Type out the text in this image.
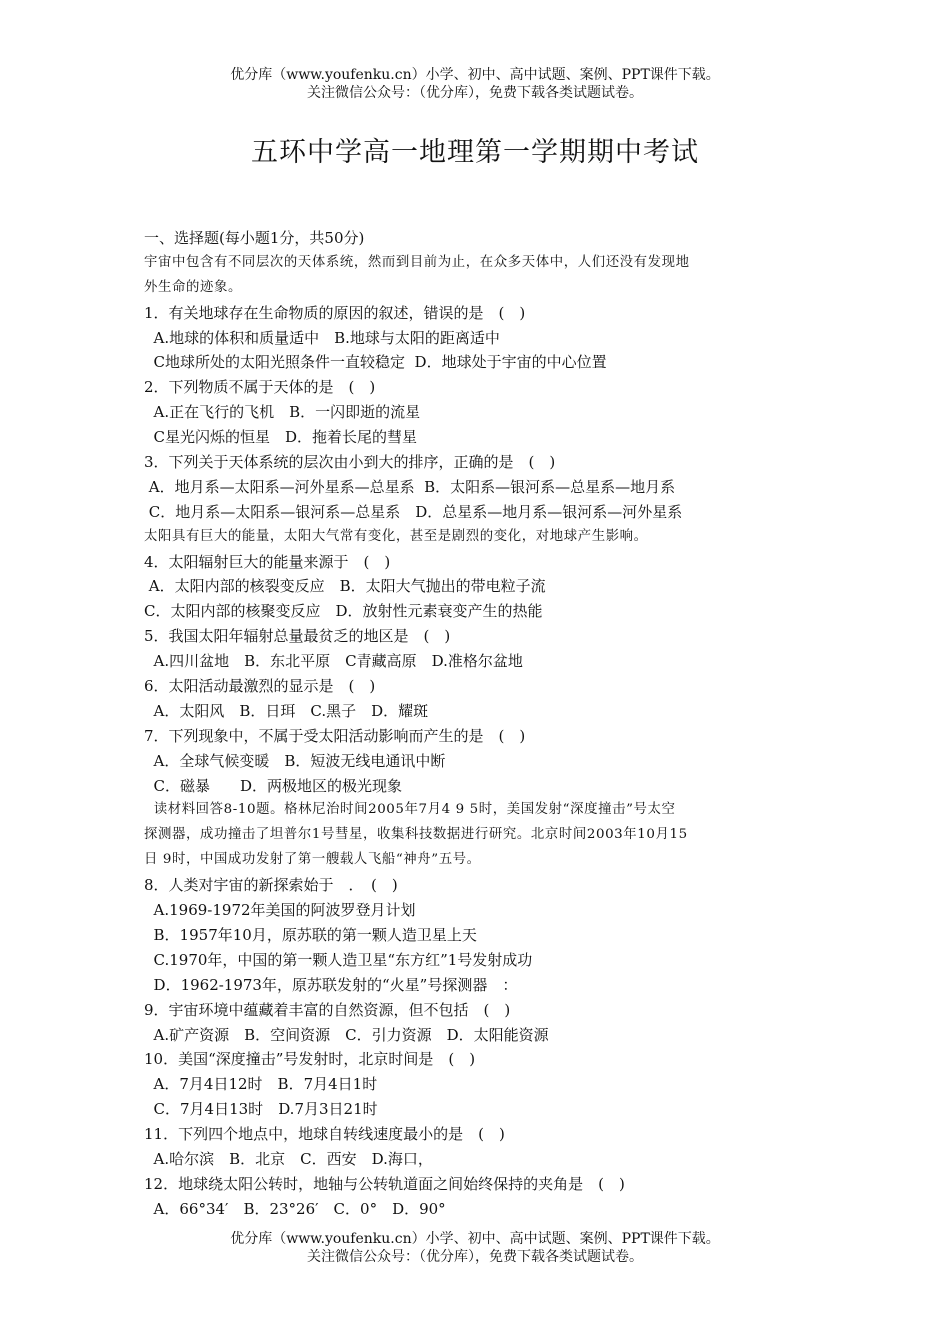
优分库（www.youfenku.cn）小学、初中、高中试题、案例、PPT课件下载。
关注微信公众号：（优分库），免费下载各类试题试卷。
五环中学高一地理第一学期期中考试
一、选择题(每小题1分，共50分)
宇宙中包含有不同层次的天体系统，然而到目前为止，在众多天体中，人们还没有发现地
外生命的迹象。
1．有关地球存在生命物质的原因的叙述，错误的是　(　)
A.地球的体积和质量适中　B.地球与太阳的距离适中
C地球所处的太阳光照条件一直较稳定  D．地球处于宇宙的中心位置
2．下列物质不属于天体的是　(　)
A.正在飞行的飞机　B．一闪即逝的流星
C星光闪烁的恒星　D．拖着长尾的彗星
3．下列关于天体系统的层次由小到大的排序，正确的是　(　)
A．地月系—太阳系—河外星系—总星系  B．太阳系—银河系—总星系—地月系
C．地月系—太阳系—银河系—总星系　D．总星系—地月系—银河系—河外星系
太阳具有巨大的能量，太阳大气常有变化，甚至是剧烈的变化，对地球产生影响。
4．太阳辐射巨大的能量来源于　(　)
A．太阳内部的核裂变反应　B．太阳大气抛出的带电粒子流
C．太阳内部的核聚变反应　D．放射性元素衰变产生的热能
5．我国太阳年辐射总量最贫乏的地区是　(　)
A.四川盆地　B．东北平原　C青藏高原　D.准格尔盆地
6．太阳活动最激烈的显示是　(　)
A．太阳风　B．日珥　C.黑子　D．耀斑
7．下列现象中，不属于受太阳活动影响而产生的是　(　)
A．全球气候变暖　B．短波无线电通讯中断
C．磁暴　　D．两极地区的极光现象
读材料回答8-10题。格林尼治时间2005年7月4 9 5时，美国发射“深度撞击”号太空
探测器，成功撞击了坦普尔1号彗星，收集科技数据进行研究。北京时间2003年10月15
日 9时，中国成功发射了第一艘载人飞船“神舟”五号。
8．人类对宇宙的新探索始于　．　(　)
A.1969-1972年美国的阿波罗登月计划
B．1957年10月，原苏联的第一颗人造卫星上天
C.1970年，中国的第一颗人造卫星“东方红”1号发射成功
D．1962-1973年，原苏联发射的“火星”号探测器　：
9．宇宙环境中蕴藏着丰富的自然资源，但不包括　(　)
A.矿产资源　B．空间资源　C．引力资源　D．太阳能资源
10．美国“深度撞击”号发射时，北京时间是　(　)
A．7月4日12时　B．7月4日1时
C．7月4日13时　D.7月3日21时
11．下列四个地点中，地球自转线速度最小的是　(　)
A.哈尔滨　B．北京　C．西安　D.海口，
12．地球绕太阳公转时，地轴与公转轨道面之间始终保持的夹角是　(　)
A．66°34′　B．23°26′　C．0°　D．90°
优分库（www.youfenku.cn）小学、初中、高中试题、案例、PPT课件下载。
关注微信公众号：（优分库），免费下载各类试题试卷。
